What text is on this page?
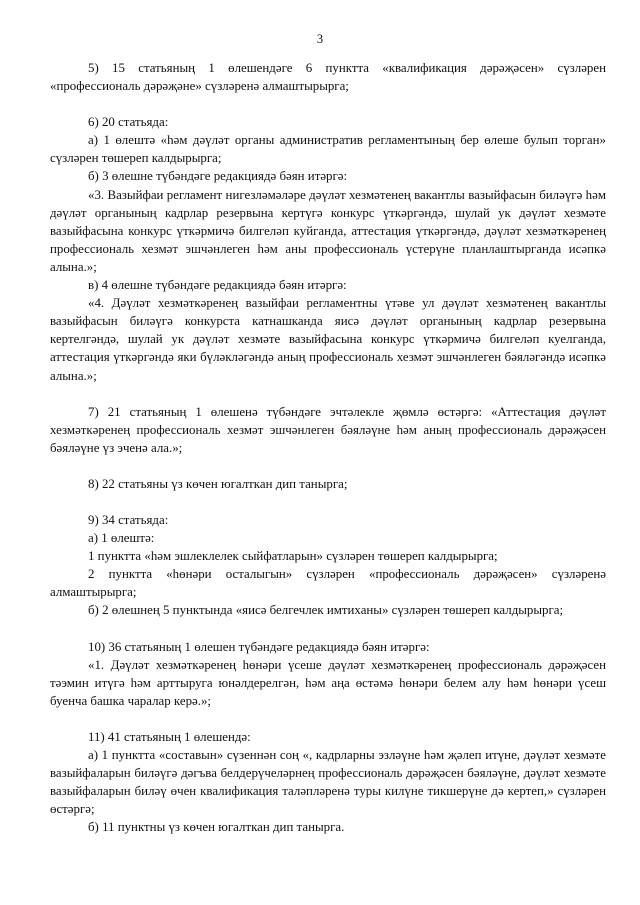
3

5) 15 статьяның 1 өлешендәге 6 пунктта «квалификация дәрәҗәсен» сүзләрен «профессиональ дәрәҗәне» сүзләренә алмаштырырга;

6) 20 статьяда:

а) 1 өлештә «һәм дәүләт органы административ регламентының бер өлеше булып торган» сүзләрен төшереп калдырырга;

б) 3 өлешне түбәндәге редакциядә бәян итәргә:

«3. Вазыйфаи регламент нигезләмәләре дәүләт хезмәтенең вакантлы вазыйфасын биләүгә һәм дәүләт органының кадрлар резервына кертүгә конкурс үткәргәндә, шулай ук дәүләт хезмәте вазыйфасына конкурс үткәрмичә билгеләп куйганда, аттестация үткәргәндә, дәүләт хезмәткәренең профессиональ хезмәт эшчәнлеген һәм аны профессиональ үстерүне планлаштырганда исәпкә алына.»;

в) 4 өлешне түбәндәге редакциядә бәян итәргә:

«4. Дәүләт хезмәткәренең вазыйфаи регламентны үтәве ул дәүләт хезмәтенең вакантлы вазыйфасын биләүгә конкурста катнашканда яисә дәүләт органының кадрлар резервына кертелгәндә, шулай ук дәүләт хезмәте вазыйфасына конкурс үткәрмичә билгеләп куелганда, аттестация үткәргәндә яки бүләкләгәндә аның профессиональ хезмәт эшчәнлеген бәяләгәндә исәпкә алына.»;

7) 21 статьяның 1 өлешенә түбәндәге эчтәлекле җөмлә өстәргә: «Аттестация дәүләт хезмәткәренең профессиональ хезмәт эшчәнлеген бәяләүне һәм аның профессиональ дәрәҗәсен бәяләүне үз эченә ала.»;

8) 22 статьяны үз көчен югалткан дип танырга;

9) 34 статьяда:

а) 1 өлештә:

1 пунктта «һәм эшлеклелек сыйфатларын» сүзләрен төшереп калдырырга;

2 пунктта «һөнәри осталыгын» сүзләрен «профессиональ дәрәҗәсен» сүзләренә алмаштырырга;

б) 2 өлешнең 5 пунктында «яисә белгечлек имтиханы» сүзләрен төшереп калдырырга;

10) 36 статьяның 1 өлешен түбәндәге редакциядә бәян итәргә:

«1. Дәүләт хезмәткәренең һөнәри үсеше дәүләт хезмәткәренең профессиональ дәрәҗәсен тәэмин итүгә һәм арттыруга юнәлдерелгән, һәм аңа өстәмә һөнәри белем алу һәм һөнәри үсеш буенча башка чаралар керә.»;

11) 41 статьяның 1 өлешендә:

а) 1 пунктта «составын» сүзеннән соң «, кадрларны эзләүне һәм җәлеп итүне, дәүләт хезмәте вазыйфаларын биләүгә дәгъва белдерүчеләрнең профессиональ дәрәҗәсен бәяләүне, дәүләт хезмәте вазыйфаларын биләү өчен квалификация таләпләренә туры килүне тикшерүне дә кертеп,» сүзләрен өстәргә;

б) 11 пунктны үз көчен югалткан дип танырга.
